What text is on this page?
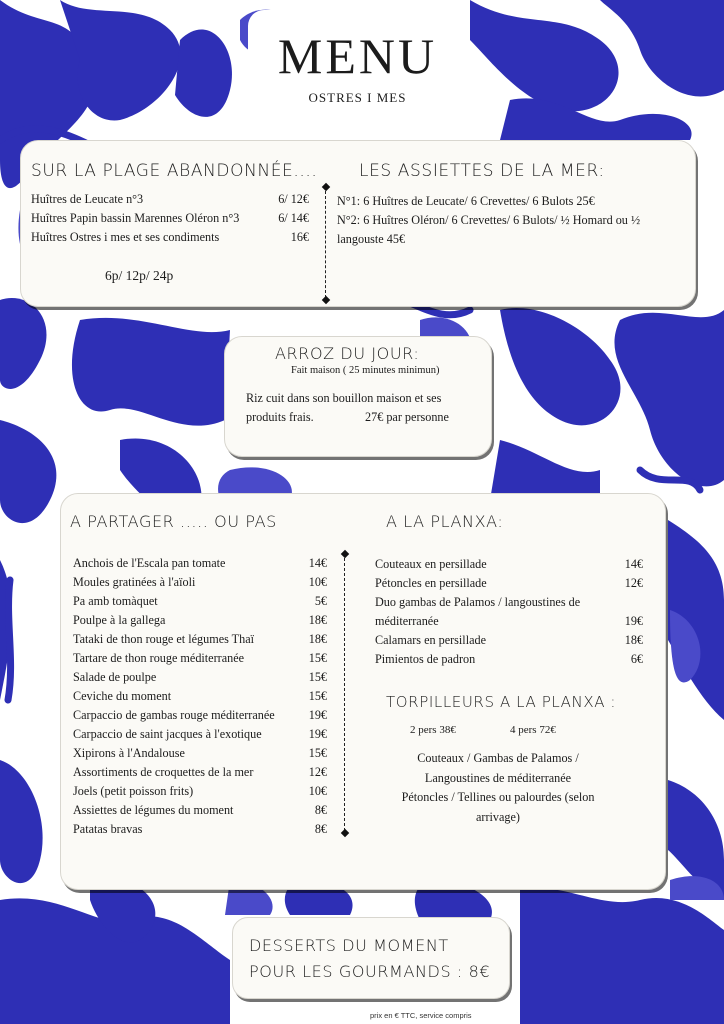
MENU
OSTRES I MES
SUR LA PLAGE ABANDONNÉE....
Huîtres de Leucate n°3	6/ 12€
Huîtres Papin bassin Marennes Oléron n°3	6/ 14€
Huîtres Ostres i mes et ses condiments	16€
6p/ 12p/ 24p
LES ASSIETTES DE LA MER:
N°1: 6 Huîtres de Leucate/ 6 Crevettes/ 6 Bulots 25€
N°2: 6 Huîtres Oléron/ 6 Crevettes/ 6 Bulots/ ½ Homard ou ½
langouste 45€
ARROZ DU JOUR:
Fait maison ( 25 minutes minimun)
Riz cuit dans son bouillon maison et ses
produits frais.	27€ par personne
A PARTAGER ..... OU PAS
Anchois de l'Escala pan tomate	14€
Moules gratinées à l'aïoli	10€
Pa amb tomàquet	5€
Poulpe à la gallega	18€
Tataki de thon rouge et légumes Thaï	18€
Tartare de thon rouge méditerranée	15€
Salade de poulpe	15€
Ceviche du moment	15€
Carpaccio de gambas rouge méditerranée	19€
Carpaccio de saint jacques à l'exotique	19€
Xipirons à l'Andalouse	15€
Assortiments de croquettes de la mer	12€
Joels (petit poisson frits)	10€
Assiettes de légumes du moment	8€
Patatas bravas	8€
A LA PLANXA:
Couteaux en persillade	14€
Pétoncles en persillade	12€
Duo gambas de Palamos / langoustines de
méditerranée	19€
Calamars en persillade	18€
Pimientos de padron	6€
TORPILLEURS A LA PLANXA :
2 pers 38€	4 pers 72€
Couteaux / Gambas de Palamos /
Langoustines de méditerranée
Pétoncles / Tellines ou palourdes (selon
arrivage)
DESSERTS DU MOMENT
POUR LES GOURMANDS : 8€
prix en € TTC, service compris
